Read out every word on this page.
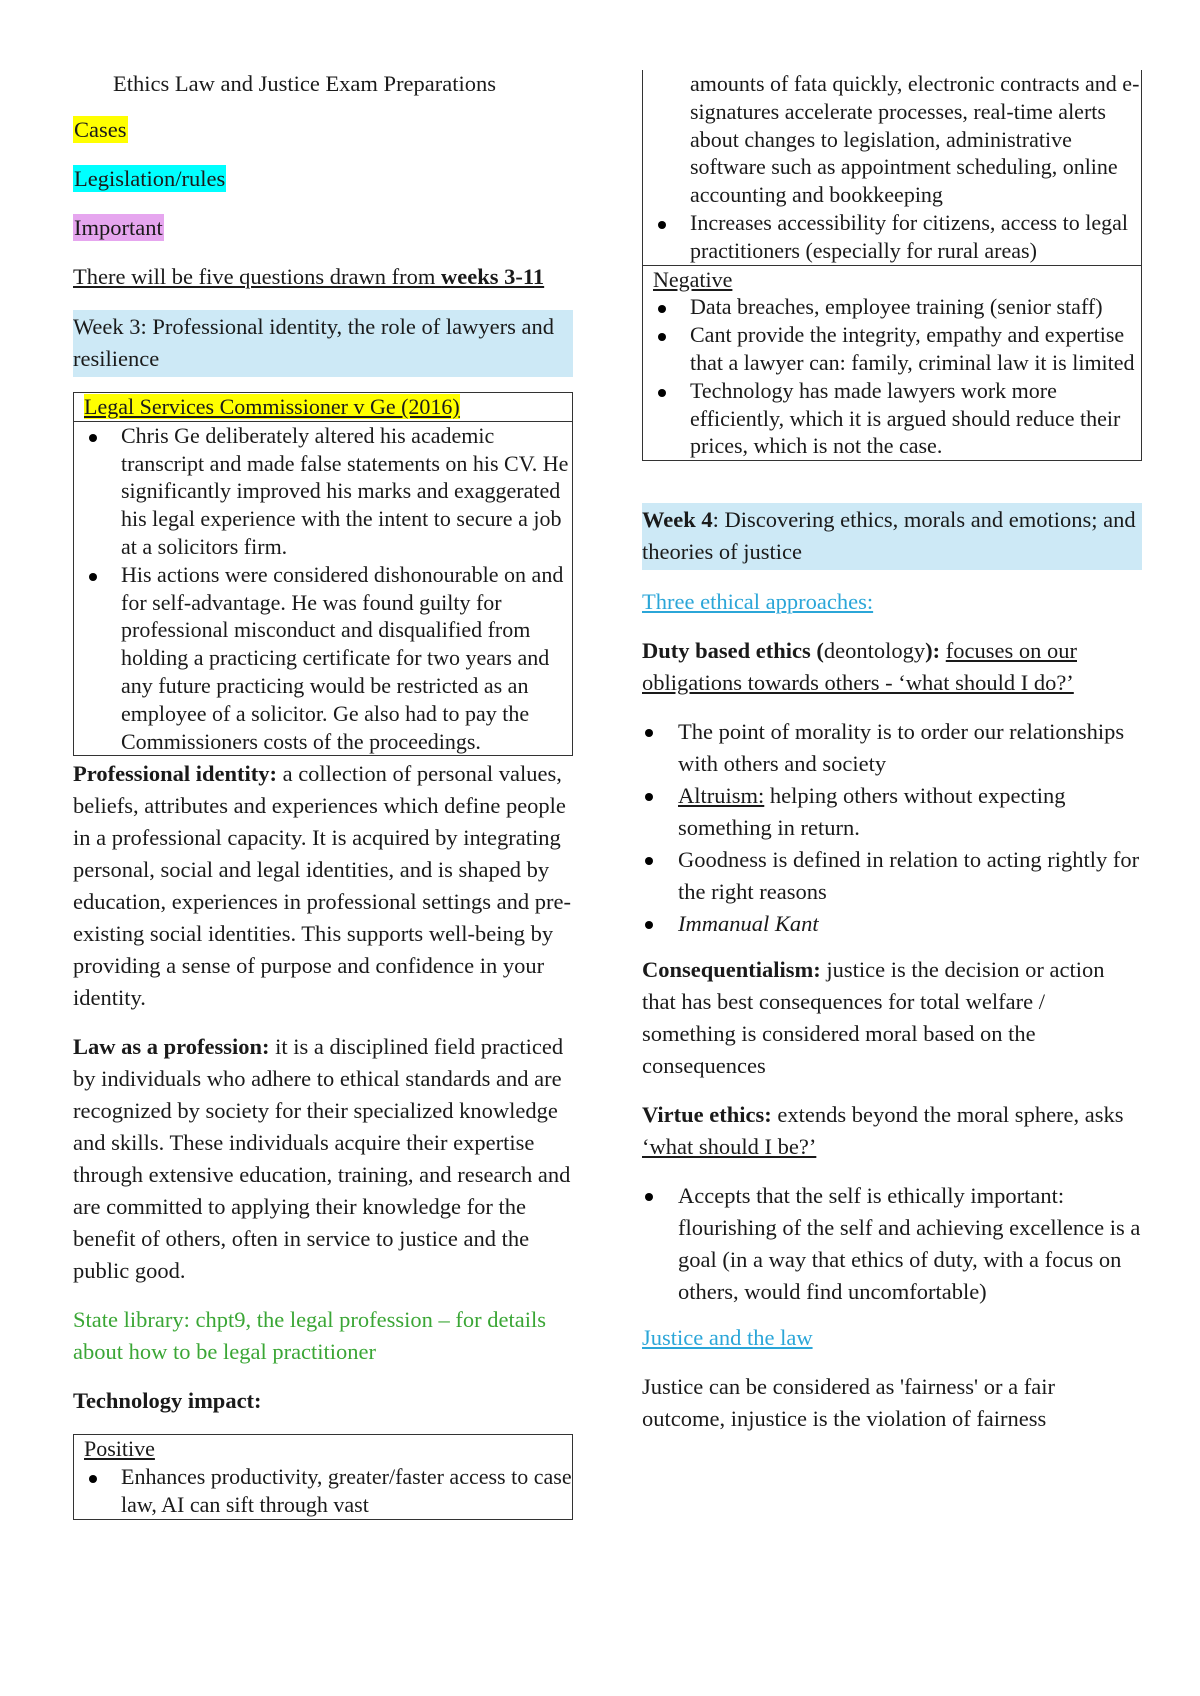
Ethics Law and Justice Exam Preparations

Cases

Legislation/rules

Important

There will be five questions drawn from weeks 3-11

Week 3: Professional identity, the role of lawyers and resilience

Legal Services Commissioner v Ge (2016)
Chris Ge deliberately altered his academic transcript and made false statements on his CV. He significantly improved his marks and exaggerated his legal experience with the intent to secure a job at a solicitors firm.
His actions were considered dishonourable on and for self-advantage. He was found guilty for professional misconduct and disqualified from holding a practicing certificate for two years and any future practicing would be restricted as an employee of a solicitor. Ge also had to pay the Commissioners costs of the proceedings.

Professional identity: a collection of personal values, beliefs, attributes and experiences which define people in a professional capacity. It is acquired by integrating personal, social and legal identities, and is shaped by education, experiences in professional settings and pre-existing social identities. This supports well-being by providing a sense of purpose and confidence in your identity.

Law as a profession: it is a disciplined field practiced by individuals who adhere to ethical standards and are recognized by society for their specialized knowledge and skills. These individuals acquire their expertise through extensive education, training, and research and are committed to applying their knowledge for the benefit of others, often in service to justice and the public good.

State library: chpt9, the legal profession – for details about how to be legal practitioner

Technology impact:

Positive
Enhances productivity, greater/faster access to case law, AI can sift through vast
amounts of fata quickly, electronic contracts and e-signatures accelerate processes, real-time alerts about changes to legislation, administrative software such as appointment scheduling, online accounting and bookkeeping
Increases accessibility for citizens, access to legal practitioners (especially for rural areas)
Negative
Data breaches, employee training (senior staff)
Cant provide the integrity, empathy and expertise that a lawyer can: family, criminal law it is limited
Technology has made lawyers work more efficiently, which it is argued should reduce their prices, which is not the case.

Week 4: Discovering ethics, morals and emotions; and theories of justice

Three ethical approaches:

Duty based ethics (deontology): focuses on our obligations towards others - ‘what should I do?’

The point of morality is to order our relationships with others and society
Altruism: helping others without expecting something in return.
Goodness is defined in relation to acting rightly for the right reasons
Immanual Kant

Consequentialism: justice is the decision or action that has best consequences for total welfare / something is considered moral based on the consequences

Virtue ethics: extends beyond the moral sphere, asks ‘what should I be?’

Accepts that the self is ethically important: flourishing of the self and achieving excellence is a goal (in a way that ethics of duty, with a focus on others, would find uncomfortable)

Justice and the law

Justice can be considered as 'fairness' or a fair outcome, injustice is the violation of fairness
